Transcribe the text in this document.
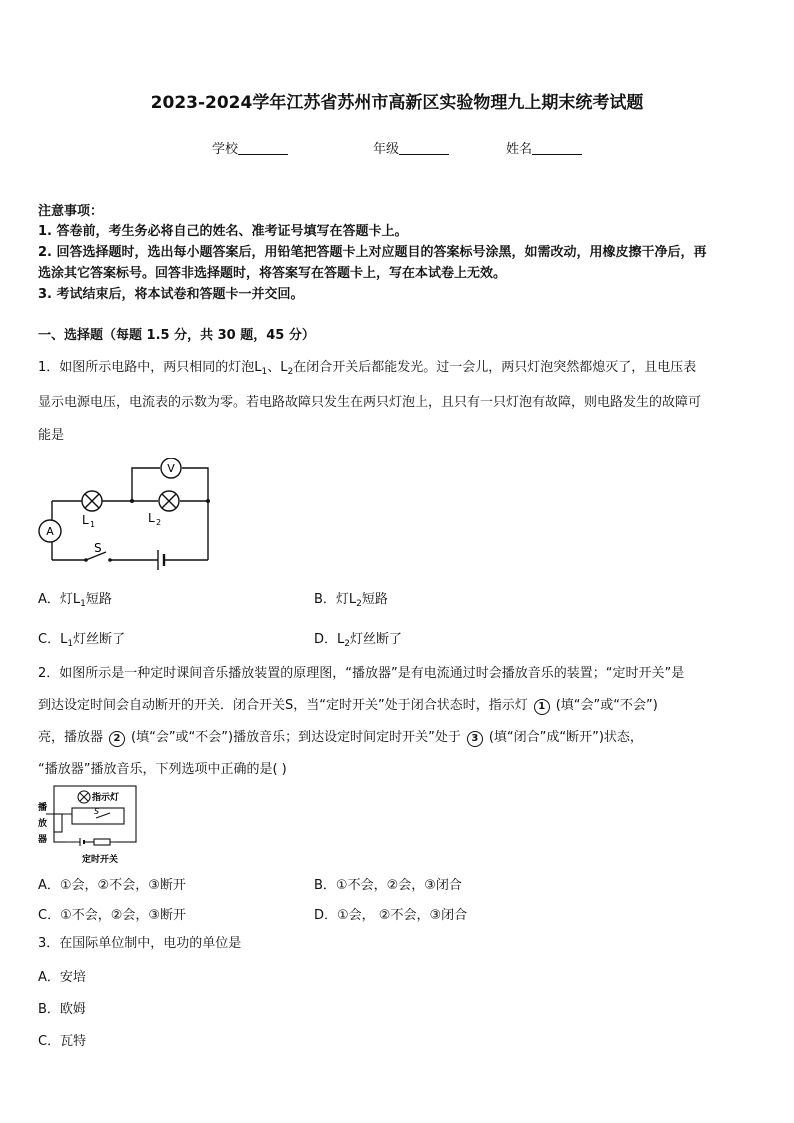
2023-2024学年江苏省苏州市高新区实验物理九上期末统考试题
学校	年级	姓名
注意事项：
1. 答卷前，考生务必将自己的姓名、准考证号填写在答题卡上。
2. 回答选择题时，选出每小题答案后，用铅笔把答题卡上对应题目的答案标号涂黑，如需改动，用橡皮擦干净后，再
选涂其它答案标号。回答非选择题时，将答案写在答题卡上，写在本试卷上无效。
3. 考试结束后，将本试卷和答题卡一并交回。
一、选择题（每题 1.5 分，共 30 题，45 分）
1．如图所示电路中，两只相同的灯泡$L_1$、$L_2$在闭合开关后都能发光。过一会儿，两只灯泡突然都熄灭了，且电压表
显示电源电压，电流表的示数为零。若电路故障只发生在两只灯泡上，且只有一只灯泡有故障，则电路发生的故障可
能是
V
A
L 1	L 2
S
A．灯$L_1$短路	B．灯$L_2$短路
C．$L_1$灯丝断了	D．$L_2$灯丝断了
2．如图所示是一种定时课间音乐播放装置的原理图，“播放器”是有电流通过时会播放音乐的装置；“定时开关”是
到达设定时间会自动断开的开关．闭合开关S，当“定时开关”处于闭合状态时，指示灯 1 (填“会”或“不会”)
亮，播放器 2 (填“会”或“不会”)播放音乐；到达设定时间定时开关”处于 3 (填“闭合”成“断开”)状态，
“播放器”播放音乐，下列选项中正确的是( )
指示灯
播
放
器
S
定时开关
A．①会，②不会，③断开	B．①不会，②会，③闭合
C．①不会，②会，③断开	D．①会， ②不会，③闭合
3．在国际单位制中，电功的单位是
A．安培
B．欧姆
C．瓦特
